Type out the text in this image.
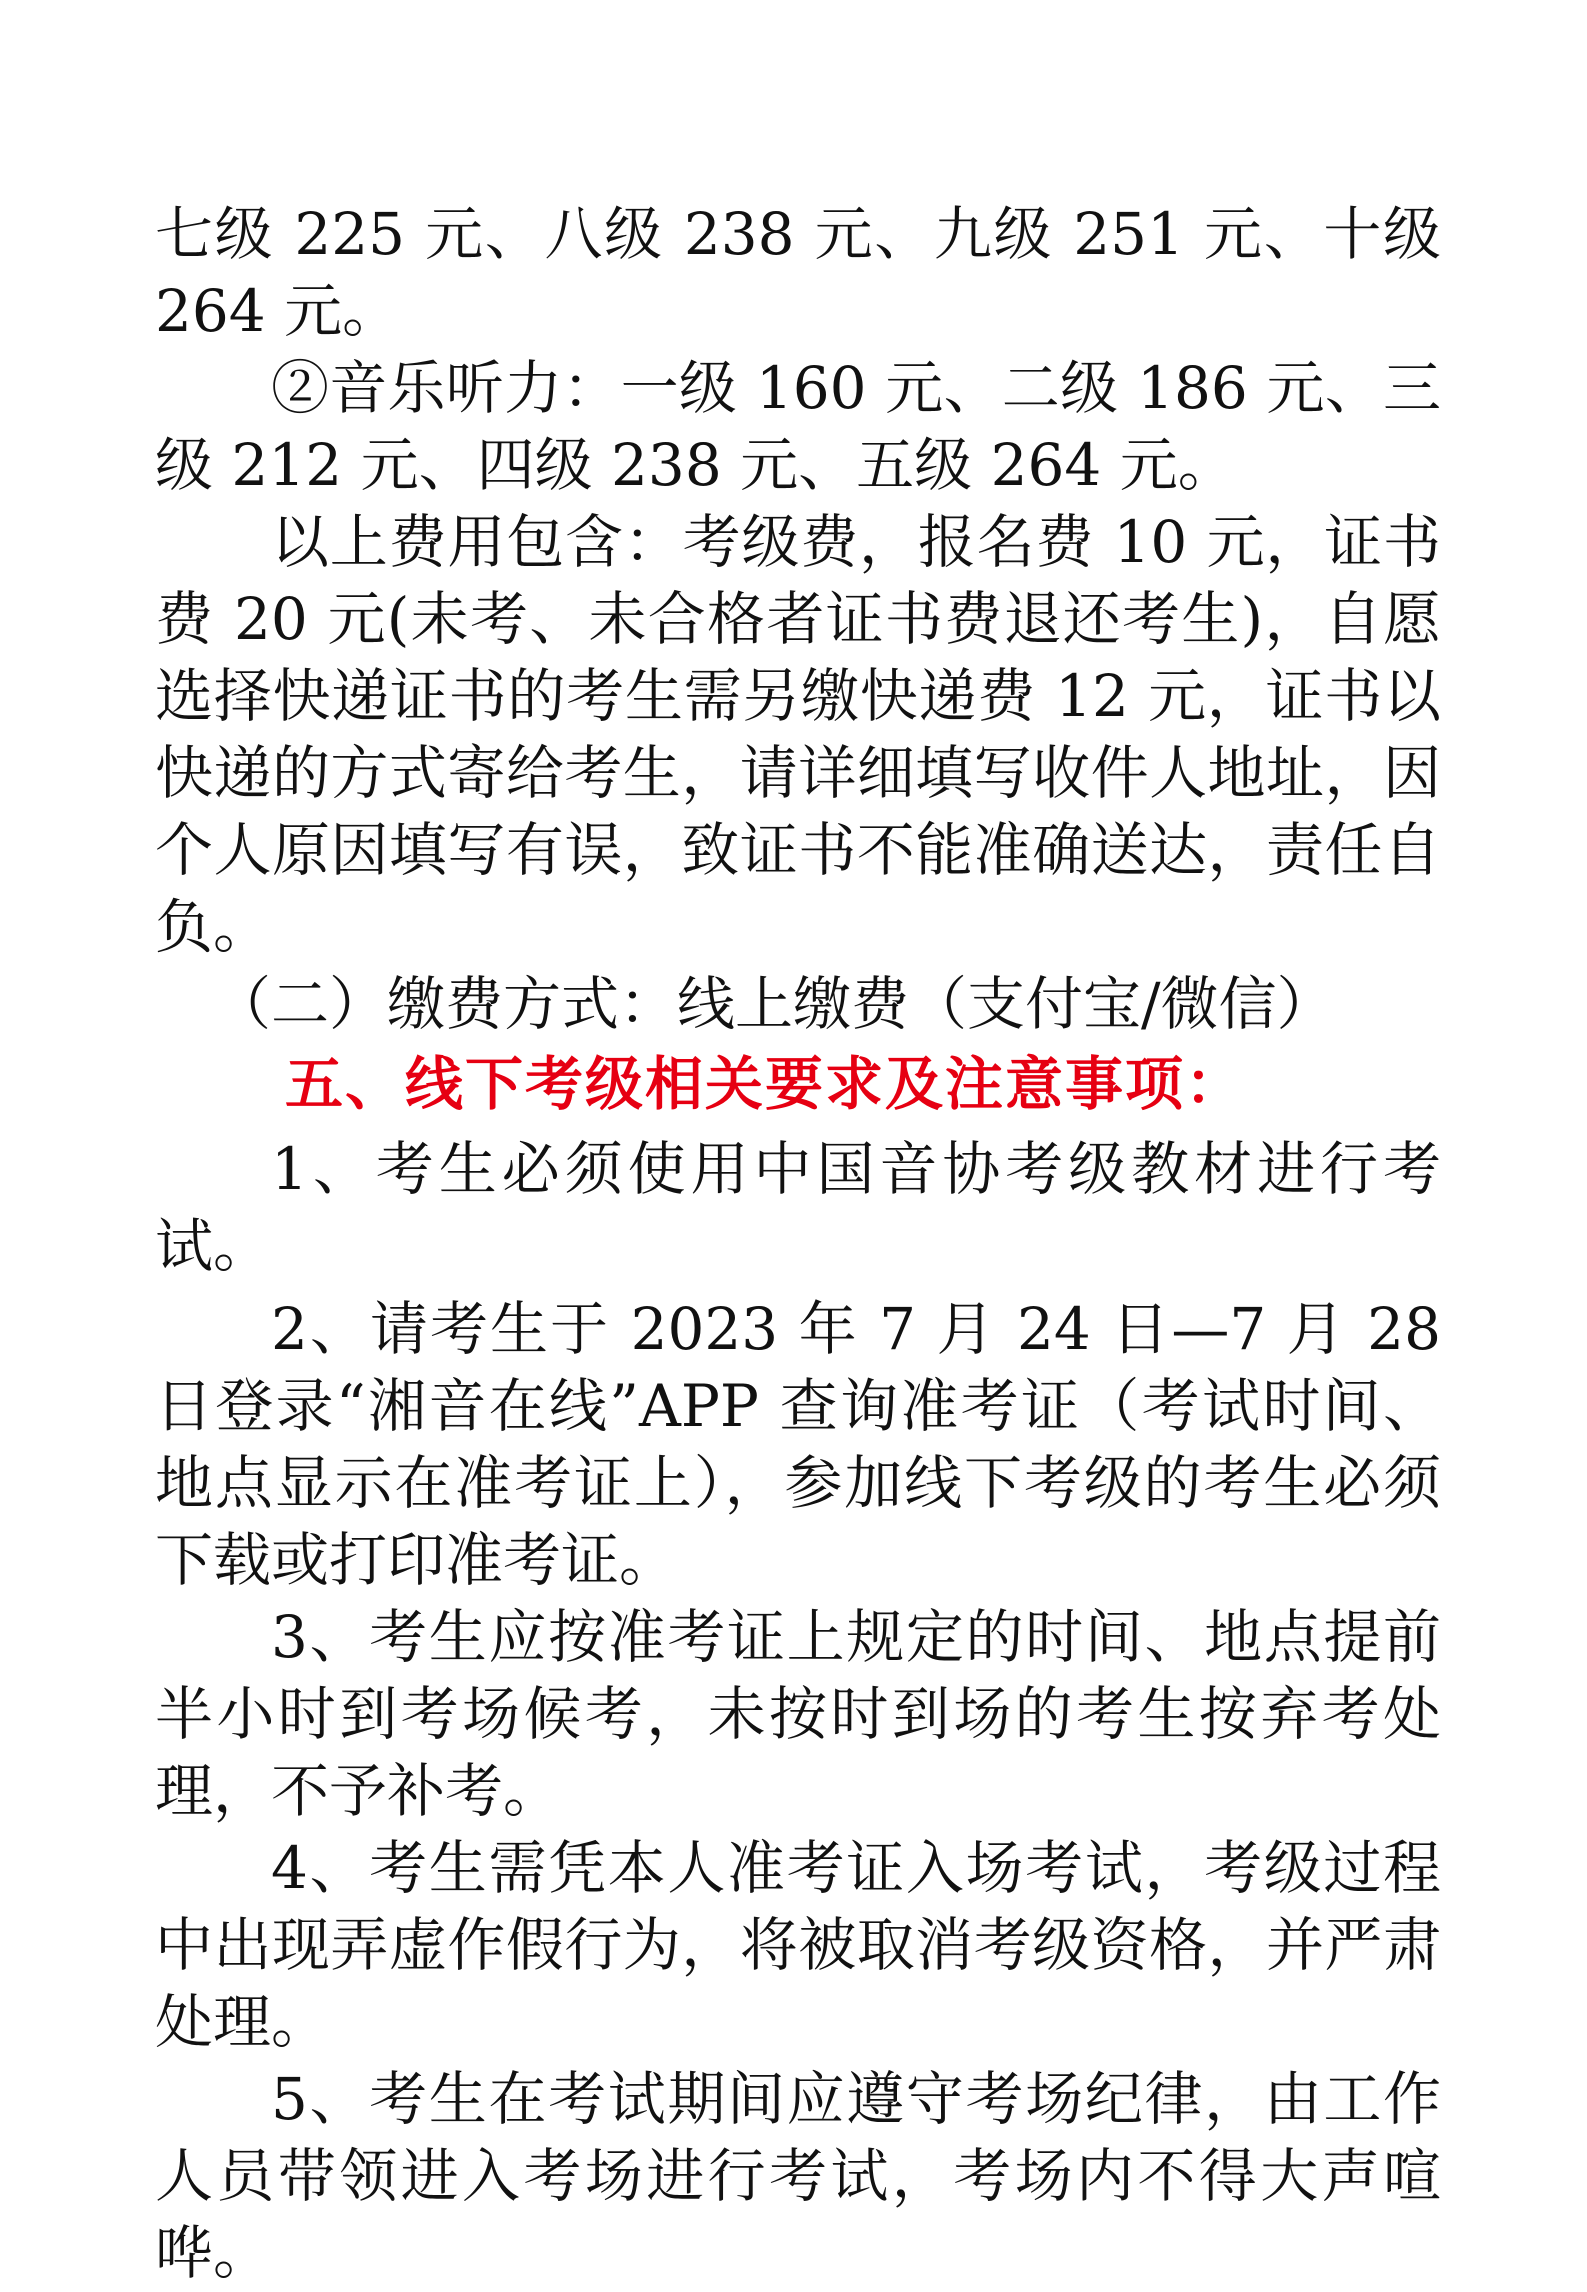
七级 225 元、八级 238 元、九级 251 元、十级 264 元。

②音乐听力：一级 160 元、二级 186 元、三级 212 元、四级 238 元、五级 264 元。

以上费用包含：考级费，报名费 10 元，证书费 20 元(未考、未合格者证书费退还考生)，自愿选择快递证书的考生需另缴快递费 12 元，证书以快递的方式寄给考生，请详细填写收件人地址，因个人原因填写有误，致证书不能准确送达，责任自负。

（二）缴费方式：线上缴费（支付宝/微信）

五、线下考级相关要求及注意事项：

1、考生必须使用中国音协考级教材进行考试。

2、请考生于 2023 年 7 月 24 日—7 月 28 日登录“湘音在线”APP 查询准考证（考试时间、地点显示在准考证上），参加线下考级的考生必须下载或打印准考证。

3、考生应按准考证上规定的时间、地点提前半小时到考场候考，未按时到场的考生按弃考处理，不予补考。

4、考生需凭本人准考证入场考试，考级过程中出现弄虚作假行为，将被取消考级资格，并严肃处理。

5、考生在考试期间应遵守考场纪律，由工作人员带领进入考场进行考试，考场内不得大声喧哗。
